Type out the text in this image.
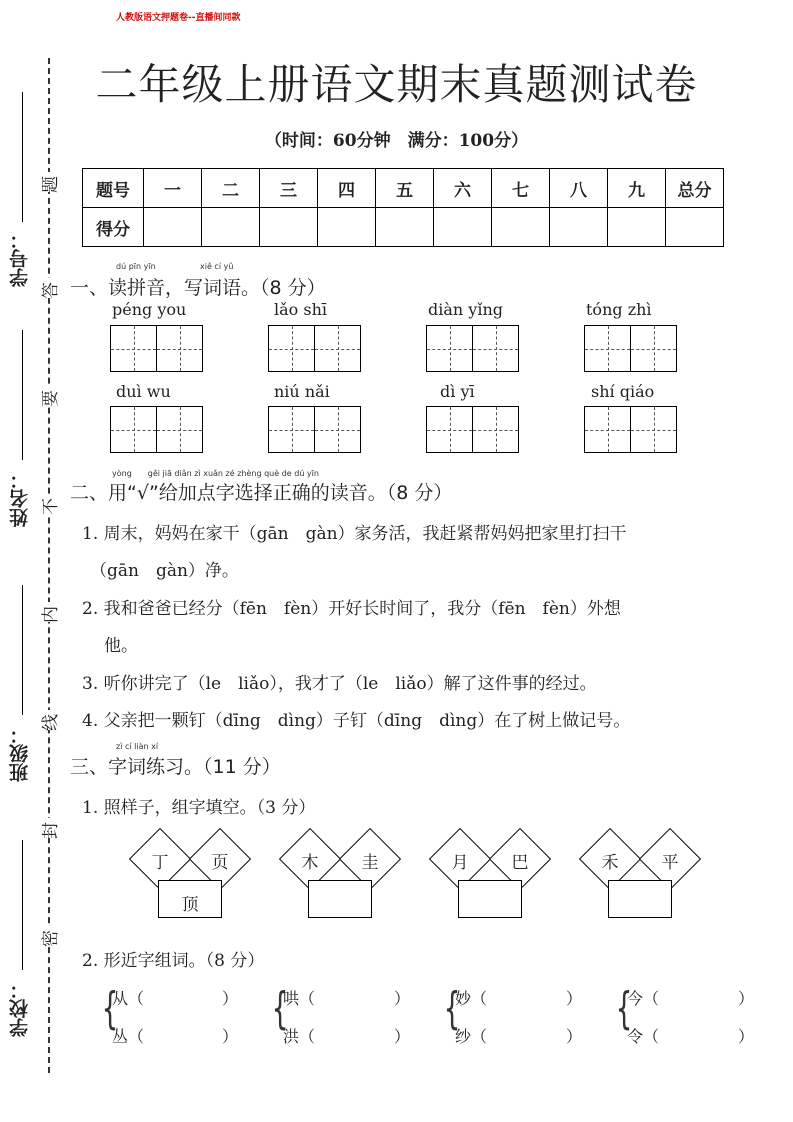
人教版语文押题卷--直播间同款
学号：
姓名：
班级：
学校：
题
答
要
不
内
线
封
密
二年级上册语文期末真题测试卷
（时间：60分钟　满分：100分）
题号	一	二	三	四	五	六	七	八	九	总分
得分										
dú pīn yīn	xiě cí yǔ
一、读拼音，写词语。（8 分）
péng you	lǎo shī	diàn yǐng	tóng zhì
duì wu	niú nǎi	dì yī	shí qiáo
yòng　　gěi jiā diǎn zì xuǎn zé zhèng què de dú yīn
二、用“√”给加点字选择正确的读音。（8 分）
1. 周末，妈妈在家干（gān　gàn）家务活，我赶紧帮妈妈把家里打扫干
（gān　gàn）净。
2. 我和爸爸已经分（fēn　fèn）开好长时间了，我分（fēn　fèn）外想
他。
3. 听你讲完了（le　liǎo），我才了（le　liǎo）解了这件事的经过。
4. 父亲把一颗钉（dīng　dìng）子钉（dīng　dìng）在了树上做记号。
zì cí liàn xí
三、字词练习。（11 分）
1. 照样子，组字填空。（3 分）
丁	页
顶
木	圭	月	巴	禾	平
2. 形近字组词。（8 分）
{
从（	）
丛（	）
{
哄（	）
洪（	）
{
妙（	）
纱（	）
{
今（	）
令（	）
